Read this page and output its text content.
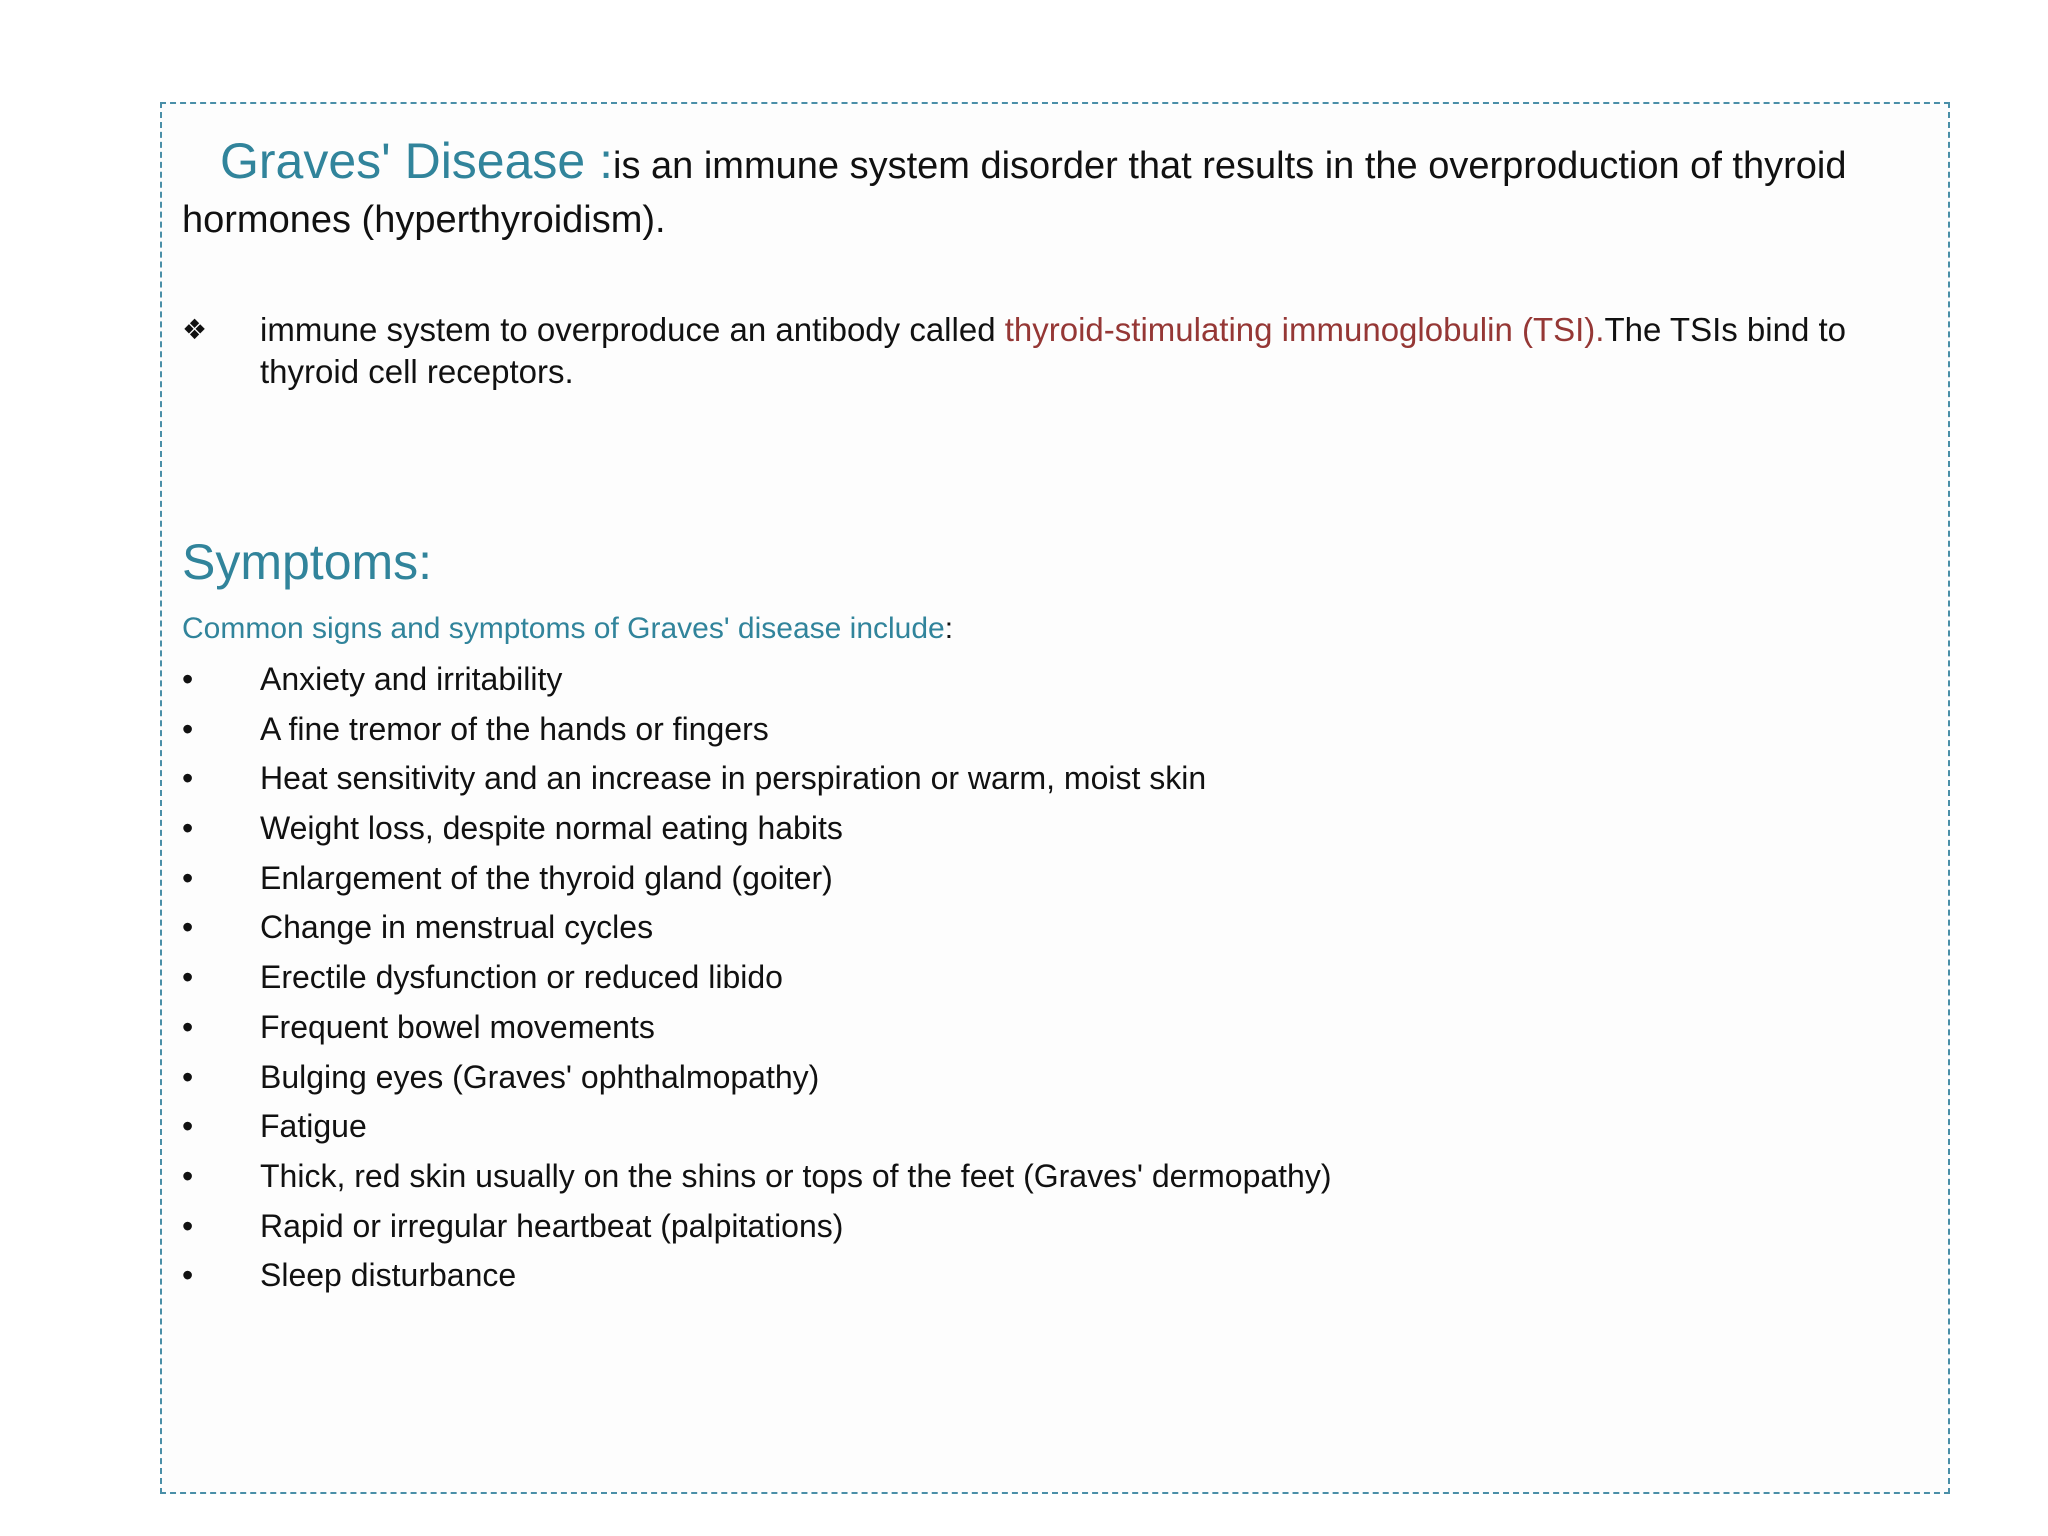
Graves' Disease :is an immune system disorder that results in the overproduction of thyroid hormones (hyperthyroidism).
❖	immune system to overproduce an antibody called thyroid-stimulating immunoglobulin (TSI).The TSIs bind to thyroid cell receptors.
Symptoms:
Common signs and symptoms of Graves' disease include:
•	Anxiety and irritability
•	A fine tremor of the hands or fingers
•	Heat sensitivity and an increase in perspiration or warm, moist skin
•	Weight loss, despite normal eating habits
•	Enlargement of the thyroid gland (goiter)
•	Change in menstrual cycles
•	Erectile dysfunction or reduced libido
•	Frequent bowel movements
•	Bulging eyes (Graves' ophthalmopathy)
•	Fatigue
•	Thick, red skin usually on the shins or tops of the feet (Graves' dermopathy)
•	Rapid or irregular heartbeat (palpitations)
•	Sleep disturbance
